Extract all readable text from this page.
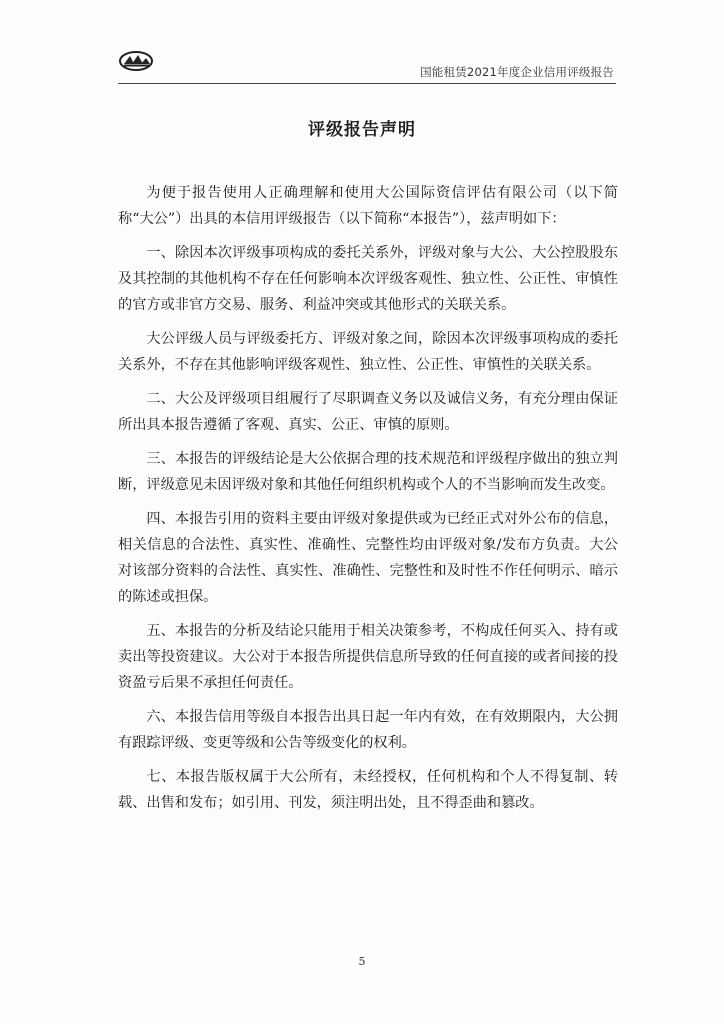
国能租赁2021年度企业信用评级报告
评级报告声明

为便于报告使用人正确理解和使用大公国际资信评估有限公司（以下简称“大公”）出具的本信用评级报告（以下简称“本报告”），兹声明如下：

一、除因本次评级事项构成的委托关系外，评级对象与大公、大公控股股东及其控制的其他机构不存在任何影响本次评级客观性、独立性、公正性、审慎性的官方或非官方交易、服务、利益冲突或其他形式的关联关系。

大公评级人员与评级委托方、评级对象之间，除因本次评级事项构成的委托关系外，不存在其他影响评级客观性、独立性、公正性、审慎性的关联关系。

二、大公及评级项目组履行了尽职调查义务以及诚信义务，有充分理由保证所出具本报告遵循了客观、真实、公正、审慎的原则。

三、本报告的评级结论是大公依据合理的技术规范和评级程序做出的独立判断，评级意见未因评级对象和其他任何组织机构或个人的不当影响而发生改变。

四、本报告引用的资料主要由评级对象提供或为已经正式对外公布的信息，相关信息的合法性、真实性、准确性、完整性均由评级对象/发布方负责。大公对该部分资料的合法性、真实性、准确性、完整性和及时性不作任何明示、暗示的陈述或担保。

五、本报告的分析及结论只能用于相关决策参考，不构成任何买入、持有或卖出等投资建议。大公对于本报告所提供信息所导致的任何直接的或者间接的投资盈亏后果不承担任何责任。

六、本报告信用等级自本报告出具日起一年内有效，在有效期限内，大公拥有跟踪评级、变更等级和公告等级变化的权利。

七、本报告版权属于大公所有，未经授权，任何机构和个人不得复制、转载、出售和发布；如引用、刊发，须注明出处，且不得歪曲和篡改。

5
